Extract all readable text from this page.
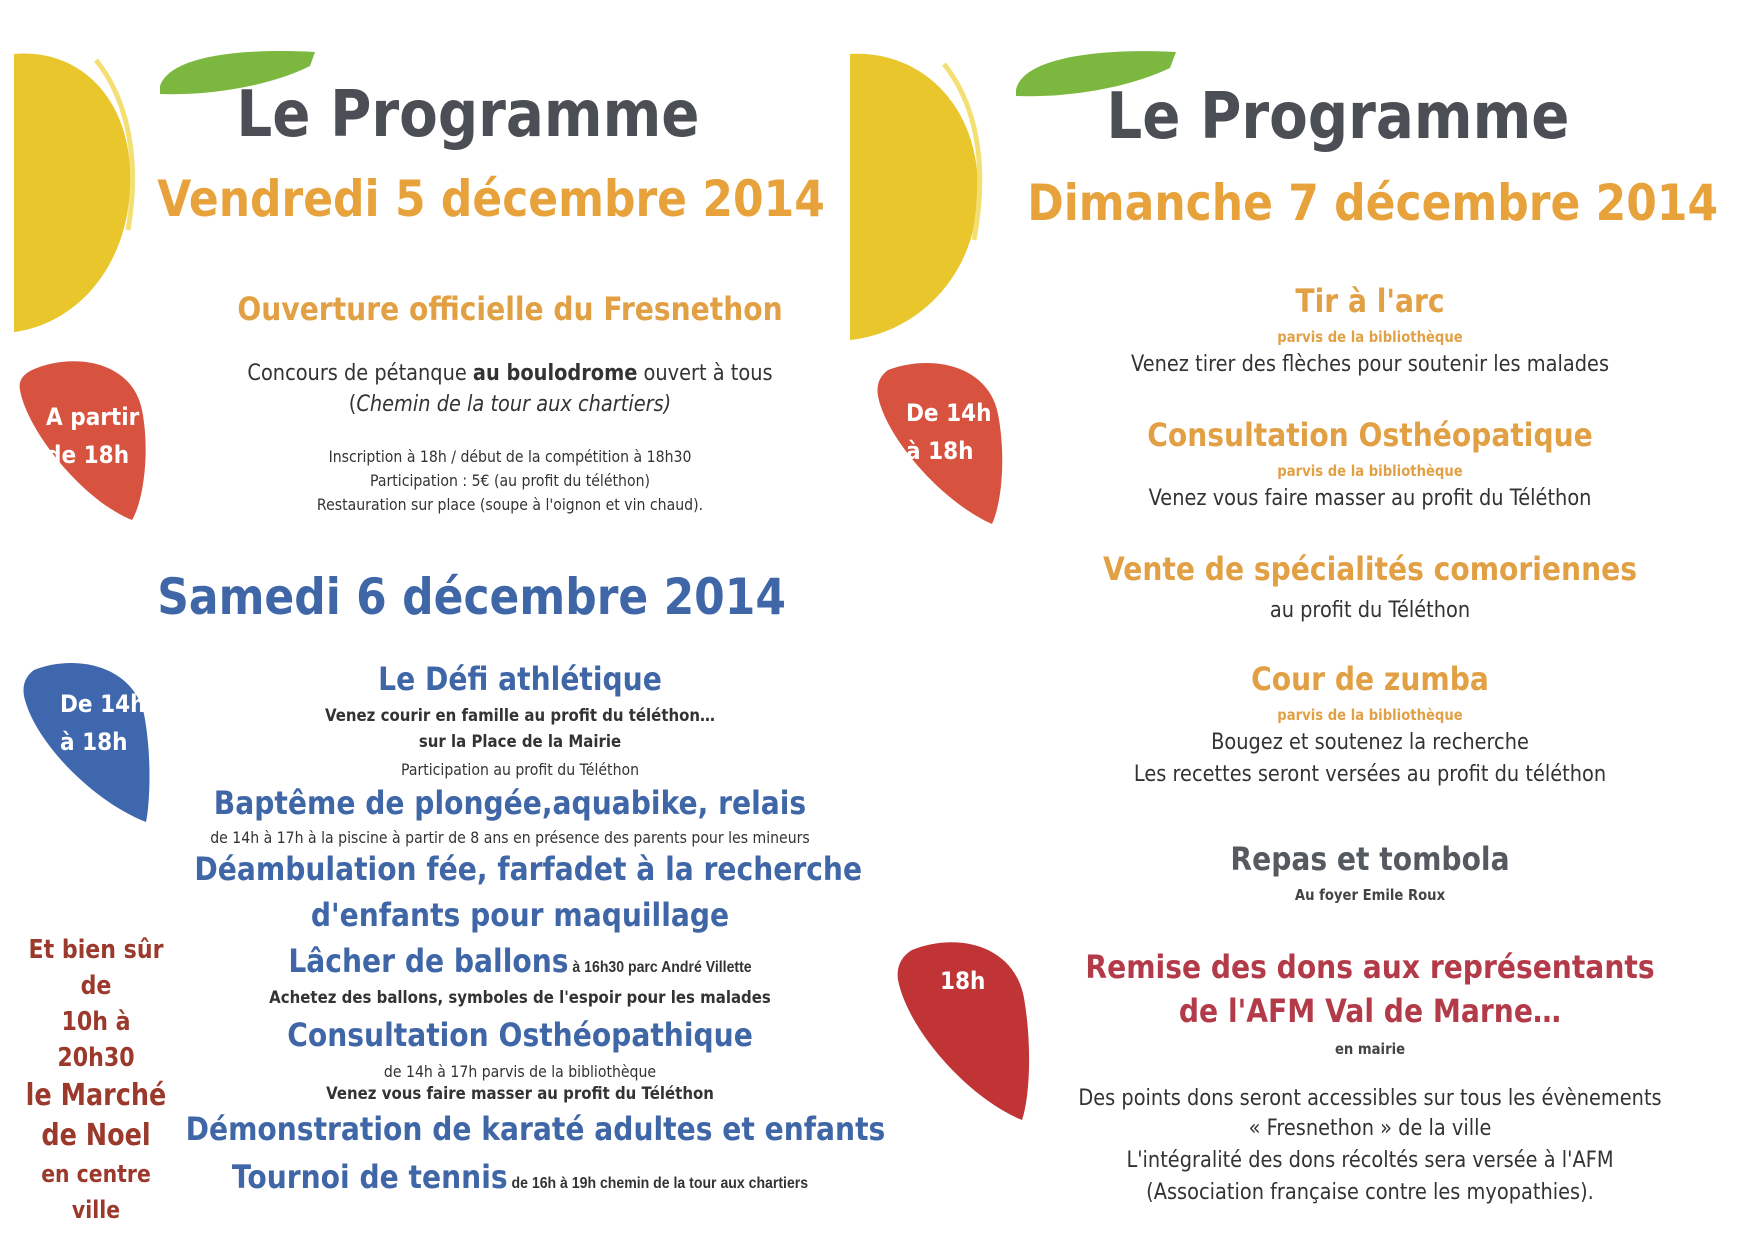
A partir
de 18h
De 14h
à 18h
De 14h
à 18h
18h
Le Programme
Vendredi 5 décembre 2014
Ouverture officielle du Fresnethon
Concours de pétanque au boulodrome ouvert à tous
(Chemin de la tour aux chartiers)
Inscription à 18h / début de la compétition à 18h30
Participation : 5€ (au profit du téléthon)
Restauration sur place (soupe à l'oignon et vin chaud).
Samedi 6 décembre 2014
Le Défi athlétique
Venez courir en famille au profit du téléthon…
sur la Place de la Mairie
Participation au profit du Téléthon
Baptême de plongée,aquabike, relais
de 14h à 17h à la piscine à partir de 8 ans en présence des parents pour les mineurs
Déambulation fée, farfadet à la recherche
d'enfants pour maquillage
Lâcher de ballons à 16h30 parc André Villette
Achetez des ballons, symboles de l'espoir pour les malades
Consultation Osthéopathique
de 14h à 17h parvis de la bibliothèque
Venez vous faire masser au profit du Téléthon
Démonstration de karaté adultes et enfants
Tournoi de tennis de 16h à 19h chemin de la tour aux chartiers
Et bien sûr de
10h à 20h30
le Marché
de Noel
en centre ville
Le Programme
Dimanche 7 décembre 2014
Tir à l'arc
parvis de la bibliothèque
Venez tirer des flèches pour soutenir les malades
Consultation Osthéopatique
parvis de la bibliothèque
Venez vous faire masser au profit du Téléthon
Vente de spécialités comoriennes
au profit du Téléthon
Cour de zumba
parvis de la bibliothèque
Bougez et soutenez la recherche
Les recettes seront versées au profit du téléthon
Repas et tombola
Au foyer Emile Roux
Remise des dons aux représentants
de l'AFM Val de Marne…
en mairie
Des points dons seront accessibles sur tous les évènements
« Fresnethon » de la ville
L'intégralité des dons récoltés sera versée à l'AFM
(Association française contre les myopathies).
